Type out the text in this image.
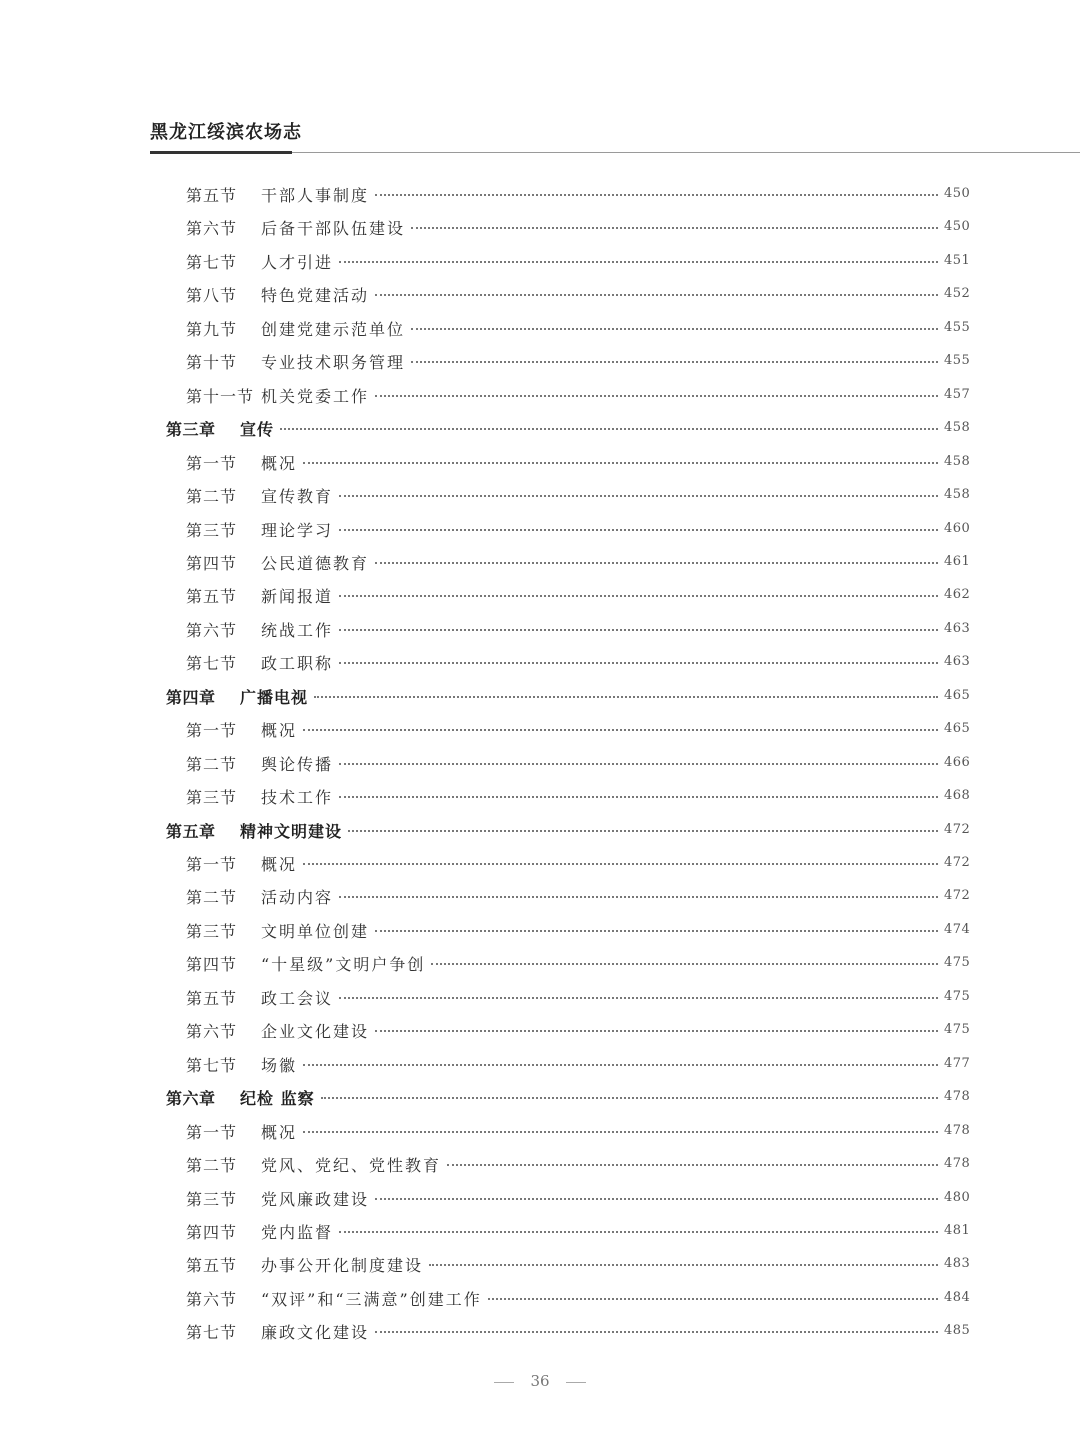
黑龙江绥滨农场志
第五节 干部人事制度	450
第六节 后备干部队伍建设	450
第七节 人才引进	451
第八节 特色党建活动	452
第九节 创建党建示范单位	455
第十节 专业技术职务管理	455
第十一节 机关党委工作	457
第三章 宣传	458
第一节 概况	458
第二节 宣传教育	458
第三节 理论学习	460
第四节 公民道德教育	461
第五节 新闻报道	462
第六节 统战工作	463
第七节 政工职称	463
第四章 广播电视	465
第一节 概况	465
第二节 舆论传播	466
第三节 技术工作	468
第五章 精神文明建设	472
第一节 概况	472
第二节 活动内容	472
第三节 文明单位创建	474
第四节 “十星级”文明户争创	475
第五节 政工会议	475
第六节 企业文化建设	475
第七节 场徽	477
第六章 纪检 监察	478
第一节 概况	478
第二节 党风、党纪、党性教育	478
第三节 党风廉政建设	480
第四节 党内监督	481
第五节 办事公开化制度建设	483
第六节 “双评”和“三满意”创建工作	484
第七节 廉政文化建设	485
36
